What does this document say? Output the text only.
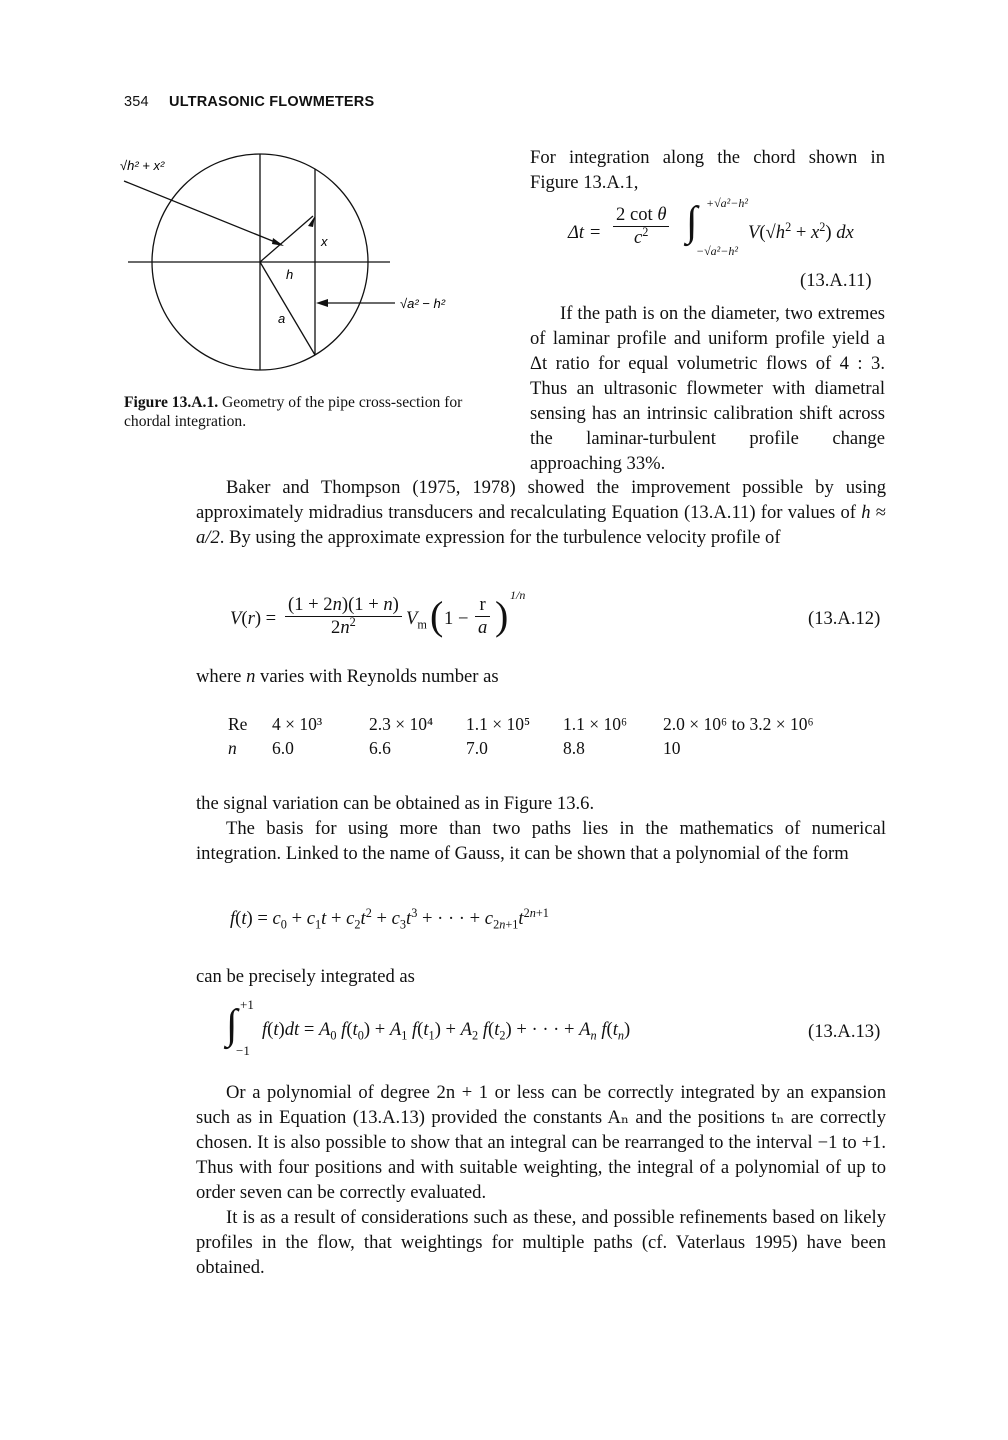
354 ULTRASONIC FLOWMETERS
√h² + x²
x
h
a
√a² − h²
Figure 13.A.1. Geometry of the pipe cross-section for chordal integration.
For integration along the chord shown in Figure 13.A.1,
$\Delta t = \frac{\text{2 cot θ}}{c^2}$ ∫ +√a²−h²
−√a²−h²
$V(√h^2 + x^2)$ dx
(13.A.11)
If the path is on the diameter, two extremes of laminar profile and uniform profile yield a Δt ratio for equal volumetric flows of 4 : 3. Thus an ultrasonic flowmeter with diametral sensing has an intrinsic calibration shift across the laminar-turbulent profile change approaching 33%.
Baker and Thompson (1975, 1978) showed the improvement possible by using approximately midradius transducers and recalculating Equation (13.A.11) for values of h ≈ a/2. By using the approximate expression for the turbulence velocity profile of
$V(r) = \frac{(1 + 2n)(1 + n)}{2n^2} V_m$ ( $1 - \frac{r}{a}$ ) 1/n
(13.A.12)
where n varies with Reynolds number as
Re	4 × 10³	2.3 × 10⁴	1.1 × 10⁵	1.1 × 10⁶	2.0 × 10⁶ to 3.2 × 10⁶
n	6.0	6.6	7.0	8.8	10
the signal variation can be obtained as in Figure 13.6.
The basis for using more than two paths lies in the mathematics of numerical integration. Linked to the name of Gauss, it can be shown that a polynomial of the form
$f(t) = c_0 + c_1t + c_2t^2 + c_3t^3$ + · · · + $c_{2n+1}t^{2n+1}$
can be precisely integrated as
∫ +1
−1
$f(t)dt = A_0$ $f(t_0) + A_1$ $f(t_1) + A_2$ $f(t_2)$ + · · · + $A_n$ $f(t_n)$	(13.A.13)
Or a polynomial of degree 2n + 1 or less can be correctly integrated by an expansion such as in Equation (13.A.13) provided the constants Aₙ and the positions tₙ are correctly chosen. It is also possible to show that an integral can be rearranged to the interval −1 to +1. Thus with four positions and with suitable weighting, the integral of a polynomial of up to order seven can be correctly evaluated.
It is as a result of considerations such as these, and possible refinements based on likely profiles in the flow, that weightings for multiple paths (cf. Vaterlaus 1995) have been obtained.
